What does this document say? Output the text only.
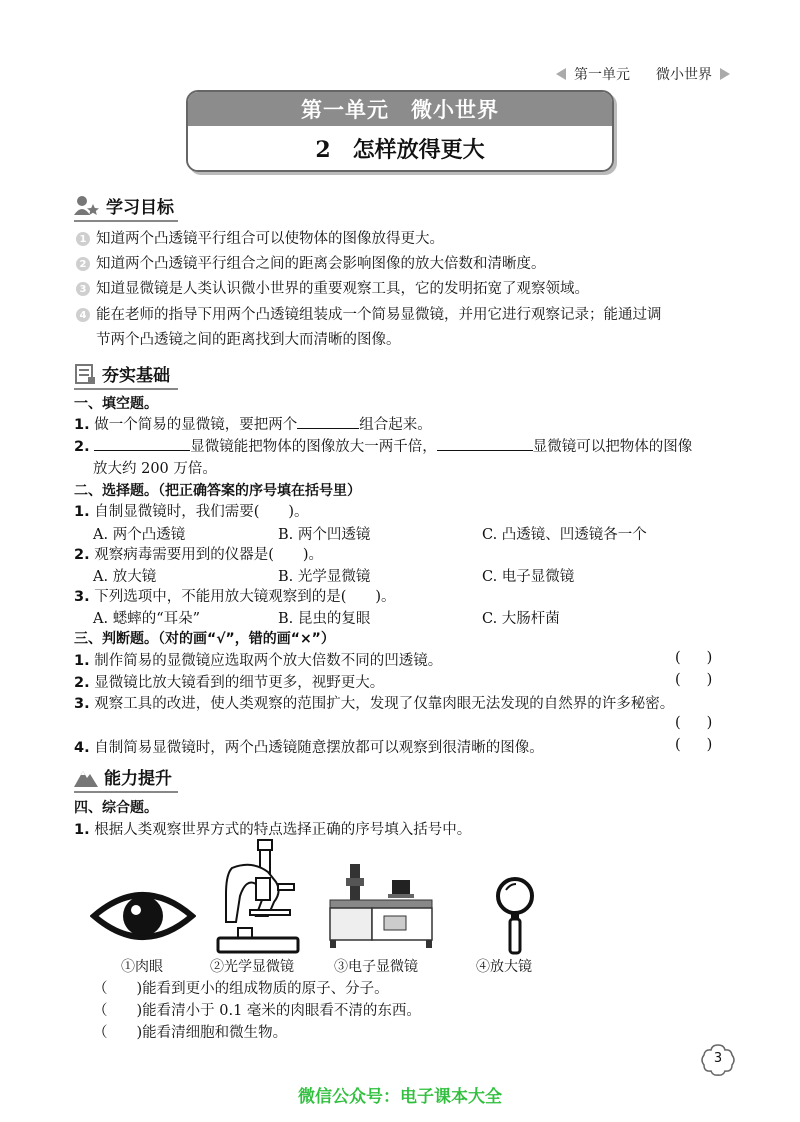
第一单元 微小世界
第一单元　微小世界
2　怎样放得更大
学习目标
1 知道两个凸透镜平行组合可以使物体的图像放得更大。
2 知道两个凸透镜平行组合之间的距离会影响图像的放大倍数和清晰度。
3 知道显微镜是人类认识微小世界的重要观察工具，它的发明拓宽了观察领域。
4 能在老师的指导下用两个凸透镜组装成一个简易显微镜，并用它进行观察记录；能通过调
节两个凸透镜之间的距离找到大而清晰的图像。
夯实基础
一、填空题。
1. 做一个简易的显微镜，要把两个	组合起来。
2.	显微镜能把物体的图像放大一两千倍，	显微镜可以把物体的图像
放大约 200 万倍。
二、选择题。（把正确答案的序号填在括号里）
1. 自制显微镜时，我们需要(　　)。
A. 两个凸透镜	B. 两个凹透镜	C. 凸透镜、凹透镜各一个
2. 观察病毒需要用到的仪器是(　　)。
A. 放大镜	B. 光学显微镜	C. 电子显微镜
3. 下列选项中，不能用放大镜观察到的是(　　)。
A. 蟋蟀的“耳朵”	B. 昆虫的复眼	C. 大肠杆菌
三、判断题。（对的画“√”，错的画“×”）
1. 制作简易的显微镜应选取两个放大倍数不同的凹透镜。	()
2. 显微镜比放大镜看到的细节更多，视野更大。	()
3. 观察工具的改进，使人类观察的范围扩大，发现了仅靠肉眼无法发现的自然界的许多秘密。
()
4. 自制简易显微镜时，两个凸透镜随意摆放都可以观察到很清晰的图像。	()
能力提升
四、综合题。
1. 根据人类观察世界方式的特点选择正确的序号填入括号中。
①肉眼	②光学显微镜	③电子显微镜	④放大镜
（　　)能看到更小的组成物质的原子、分子。
（　　)能看清小于 0.1 毫米的肉眼看不清的东西。
（　　)能看清细胞和微生物。
3
微信公众号：电子课本大全
